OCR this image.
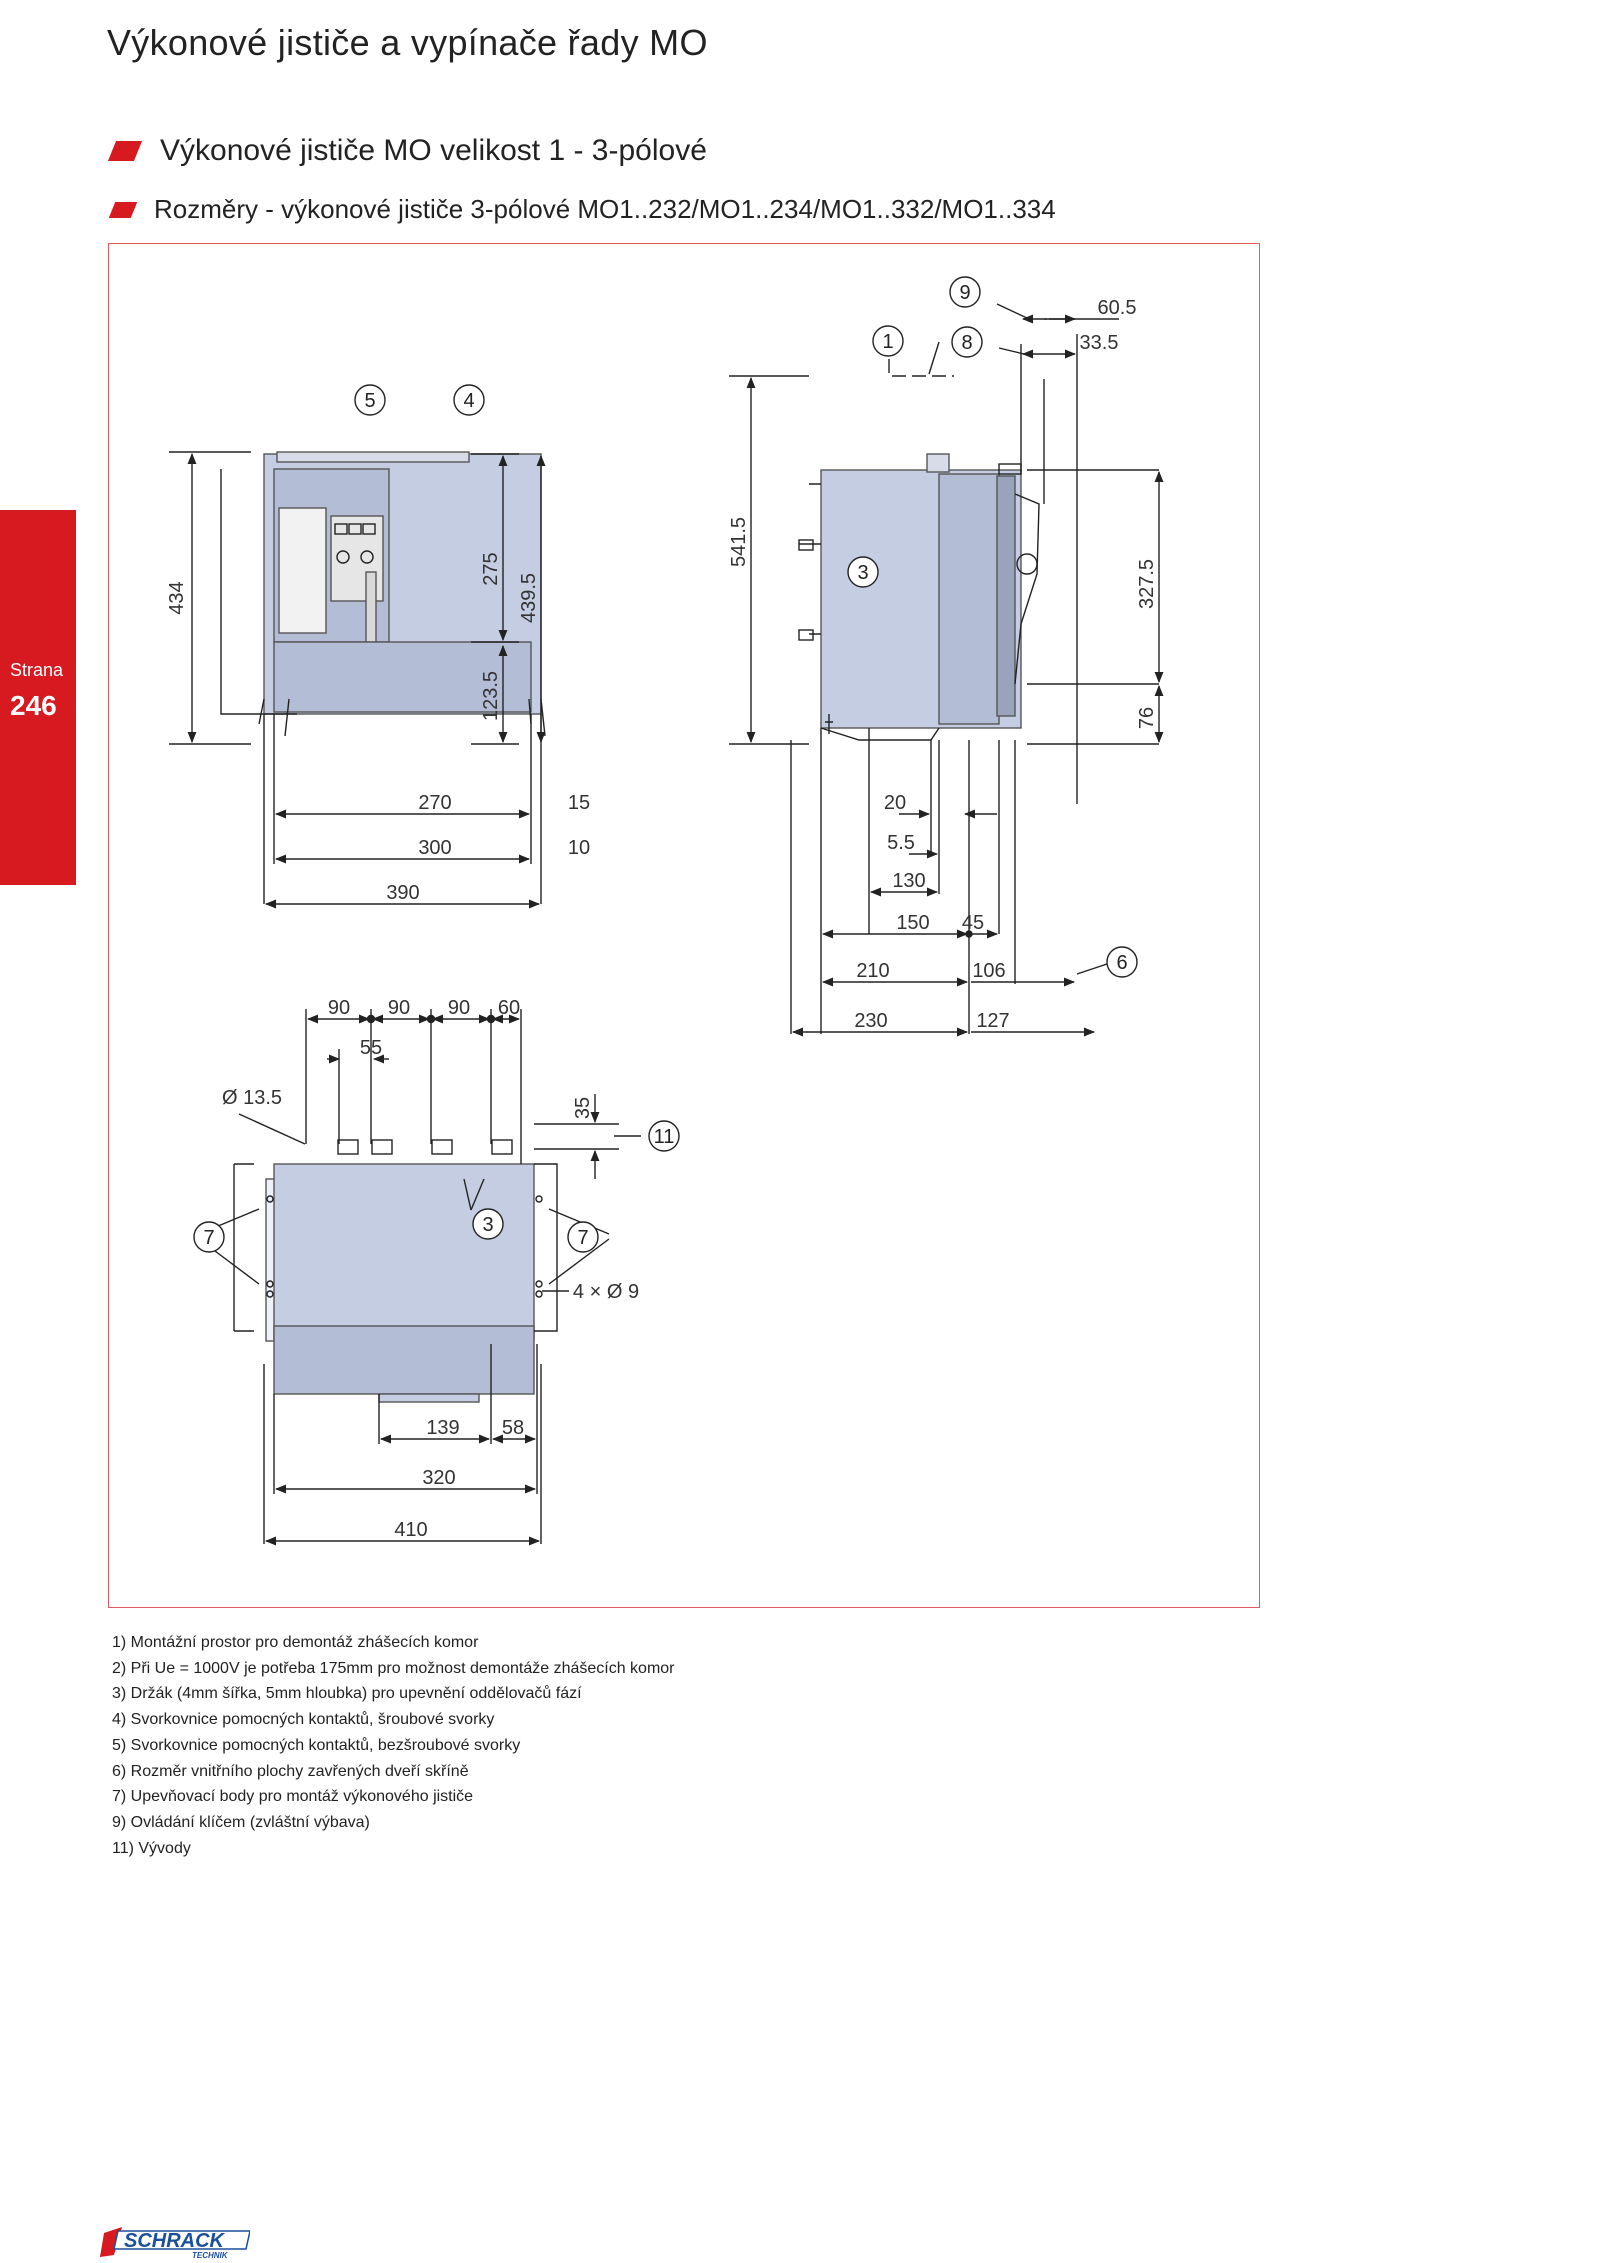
Výkonové jističe a vypínače řady MO
Výkonové jističe MO velikost 1 - 3-pólové
Rozměry - výkonové jističe 3-pólové MO1..232/MO1..234/MO1..332/MO1..334
Strana
246
5	4
1
9
8
3
6
11
3
7	7
434
275
439.5
123.5
541.5
327.5
76
35
60.5
33.5
270	15
300	10
390
20
5.5
130
150 45
210	106
230	127
90 90 90 60
55
Ø 13.5
4 × Ø 9
139 58
320
410
1) Montážní prostor pro demontáž zhášecích komor
2) Při Ue = 1000V je potřeba 175mm pro možnost demontáže zhášecích komor
3) Držák (4mm šířka, 5mm hloubka) pro upevnění oddělovačů fází
4) Svorkovnice pomocných kontaktů, šroubové svorky
5) Svorkovnice pomocných kontaktů, bezšroubové svorky
6) Rozměr vnitřního plochy zavřených dveří skříně
7) Upevňovací body pro montáž výkonového jističe
9) Ovládání klíčem (zvláštní výbava)
11) Vývody
SCHRACK
TECHNIK
